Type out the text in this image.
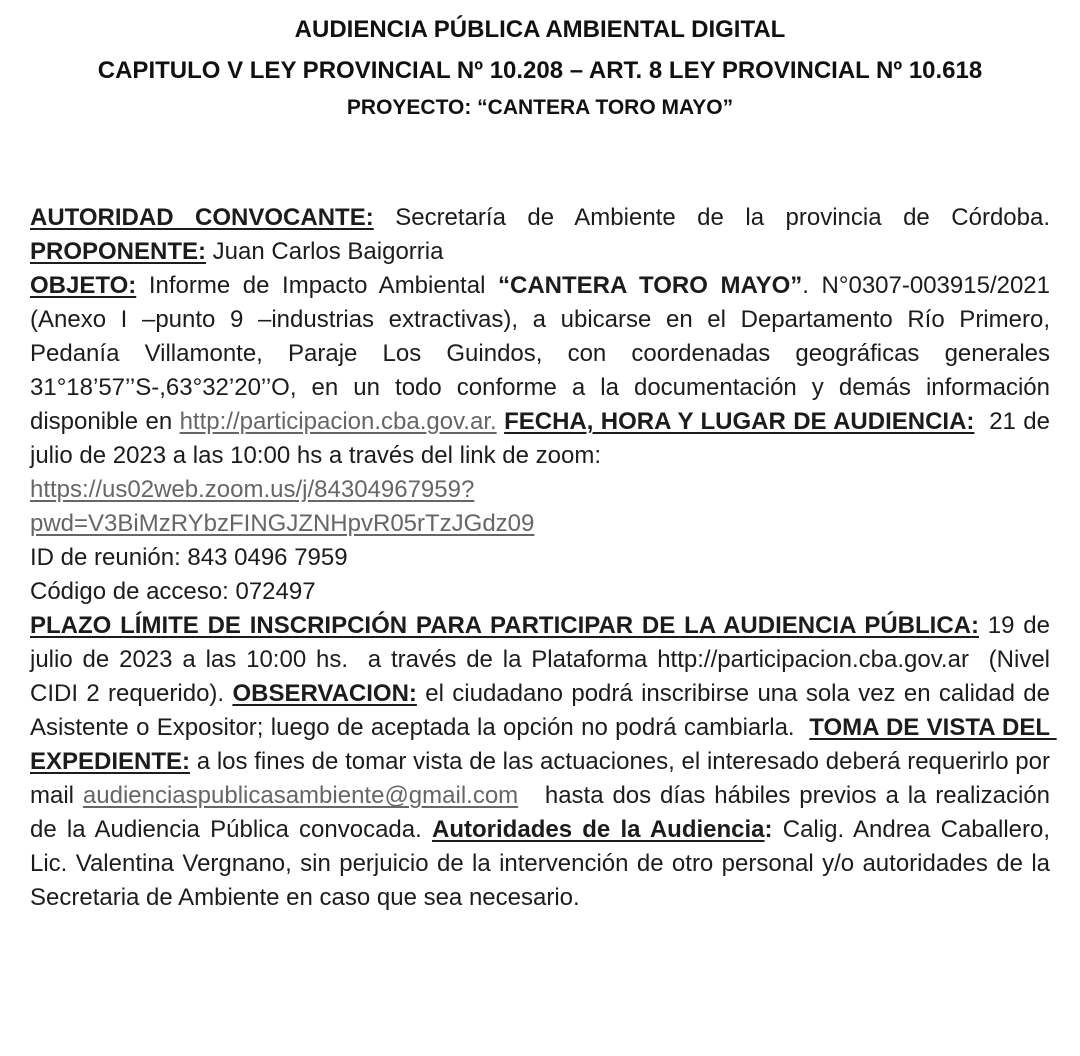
AUDIENCIA PÚBLICA AMBIENTAL DIGITAL
CAPITULO V LEY PROVINCIAL Nº 10.208 – ART. 8 LEY PROVINCIAL Nº 10.618
PROYECTO: “CANTERA TORO MAYO”

AUTORIDAD CONVOCANTE: Secretaría de Ambiente de la provincia de Córdoba.

PROPONENTE: Juan Carlos Baigorria

OBJETO: Informe de Impacto Ambiental “CANTERA TORO MAYO”. N°0307-003915/2021 (Anexo I –punto 9 –industrias extractivas), a ubicarse en el Departamento Río Primero, Pedanía Villamonte, Paraje Los Guindos, con coordenadas geográficas generales 31°18’57’’S-,63°32’20’’O, en un todo conforme a la documentación y demás información disponible en http://participacion.cba.gov.ar. FECHA, HORA Y LUGAR DE AUDIENCIA:  21 de julio de 2023 a las 10:00 hs a través del link de zoom:

https://us02web.zoom.us/j/84304967959?pwd=V3BiMzRYbzFINGJZNHpvR05rTzJGdz09

ID de reunión: 843 0496 7959

Código de acceso: 072497

PLAZO LÍMITE DE INSCRIPCIÓN PARA PARTICIPAR DE LA AUDIENCIA PÚBLICA: 19 de julio de 2023 a las 10:00 hs.  a través de la Plataforma http://participacion.cba.gov.ar  (Nivel CIDI 2 requerido). OBSERVACION: el ciudadano podrá inscribirse una sola vez en calidad de Asistente o Expositor; luego de aceptada la opción no podrá cambiarla.  TOMA DE VISTA DEL EXPEDIENTE: a los fines de tomar vista de las actuaciones, el interesado deberá requerirlo por mail audienciaspublicasambiente@gmail.com   hasta dos días hábiles previos a la realización de la Audiencia Pública convocada. Autoridades de la Audiencia: Calig. Andrea Caballero, Lic. Valentina Vergnano, sin perjuicio de la intervención de otro personal y/o autoridades de la Secretaria de Ambiente en caso que sea necesario.
